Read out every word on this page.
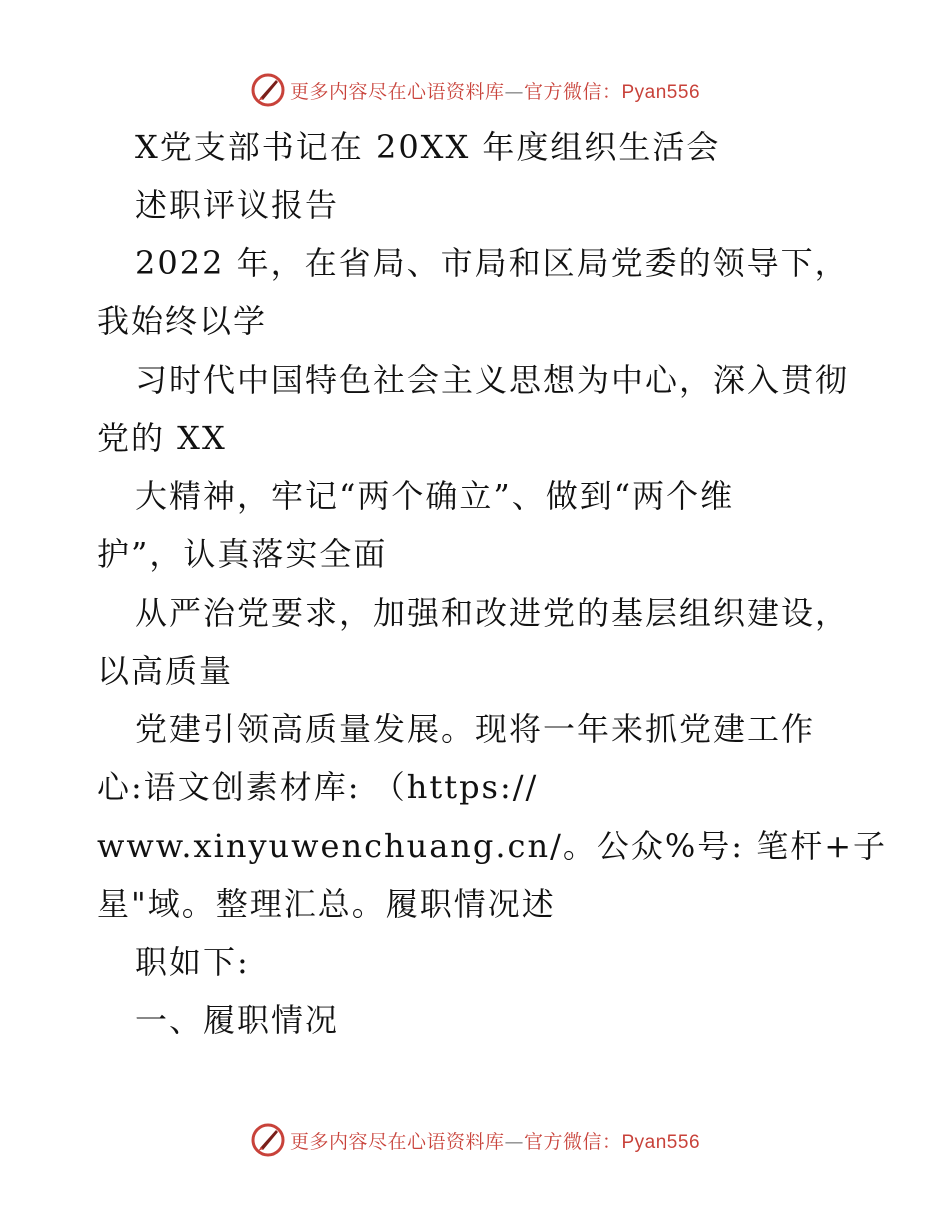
更多内容尽在心语资料库—官方微信：Pyan556
X党支部书记在 20XX 年度组织生活会
述职评议报告
2022 年，在省局、市局和区局党委的领导下，
我始终以学
习时代中国特色社会主义思想为中心，深入贯彻
党的 XX
大精神，牢记“两个确立”、做到“两个维
护”，认真落实全面
从严治党要求，加强和改进党的基层组织建设，
以高质量
党建引领高质量发展。现将一年来抓党建工作
心:语文创素材库: （https://
www.xinyuwenchuang.cn/。公众%号: 笔杆+子
星"域。整理汇总。履职情况述
职如下:
一、履职情况
更多内容尽在心语资料库—官方微信：Pyan556
